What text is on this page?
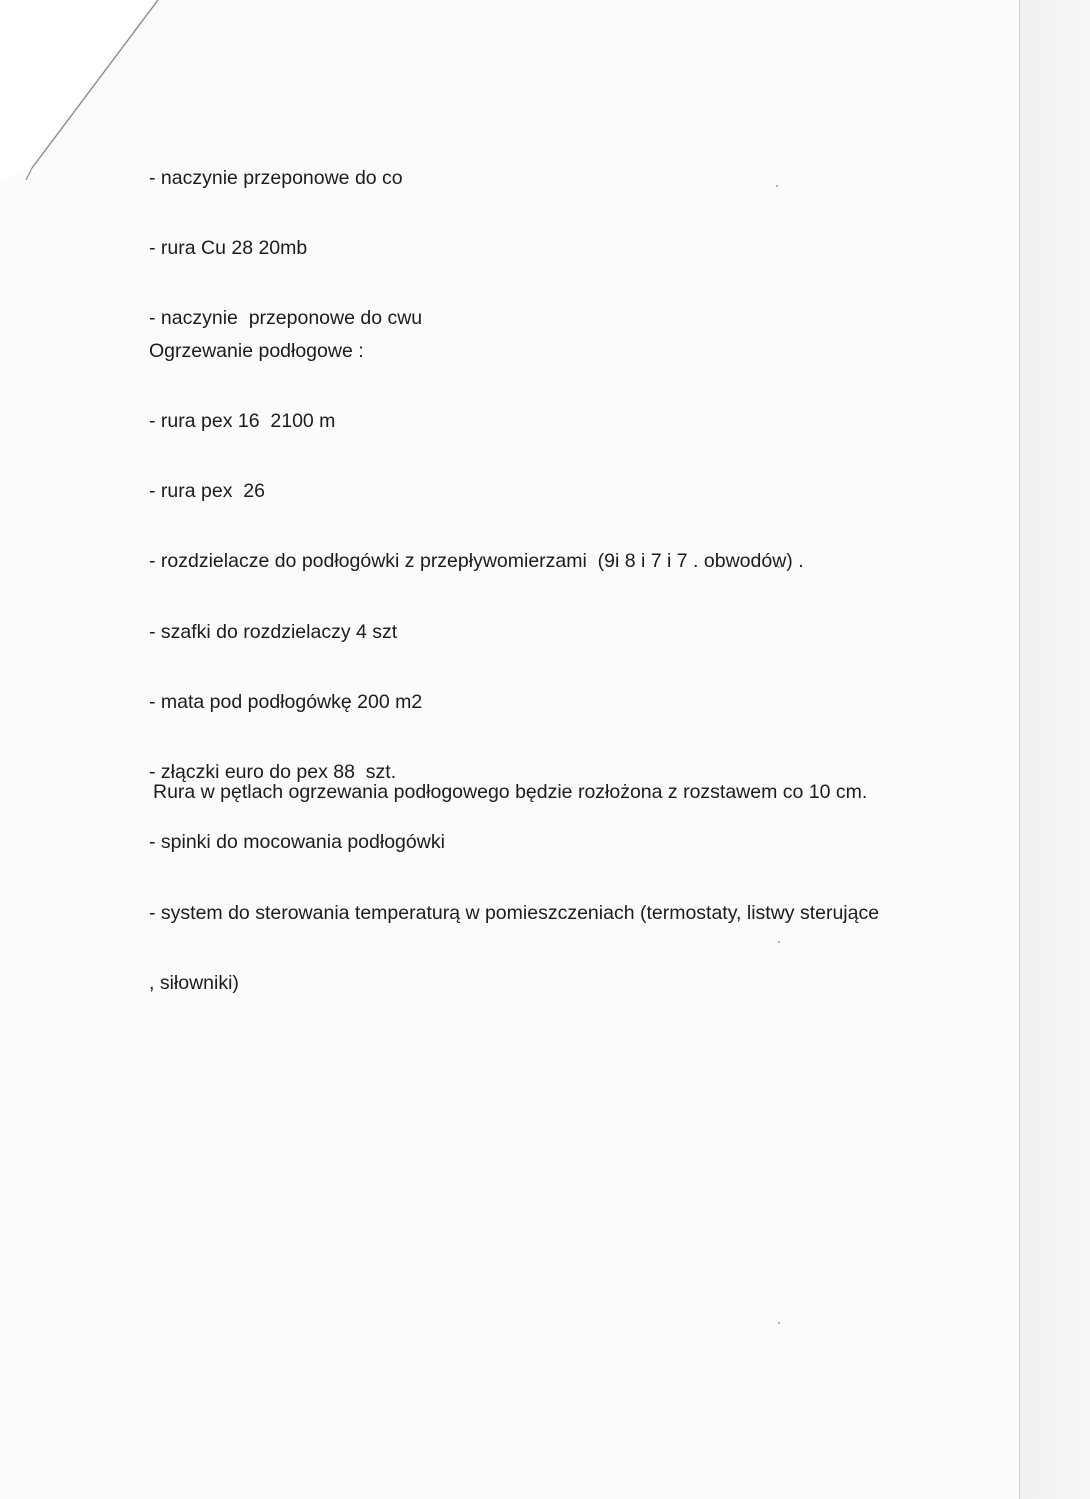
- naczynie przeponowe do co

- rura Cu 28 20mb

- naczynie  przeponowe do cwu

Ogrzewanie podłogowe :

- rura pex 16  2100 m

- rura pex  26

- rozdzielacze do podłogówki z przepływomierzami  (9i 8 i 7 i 7 . obwodów) .

- szafki do rozdzielaczy 4 szt

- mata pod podłogówkę 200 m2

- złączki euro do pex 88  szt.

- spinki do mocowania podłogówki

- system do sterowania temperaturą w pomieszczeniach (termostaty, listwy sterujące

, siłowniki)

Rura w pętlach ogrzewania podłogowego będzie rozłożona z rozstawem co 10 cm.
